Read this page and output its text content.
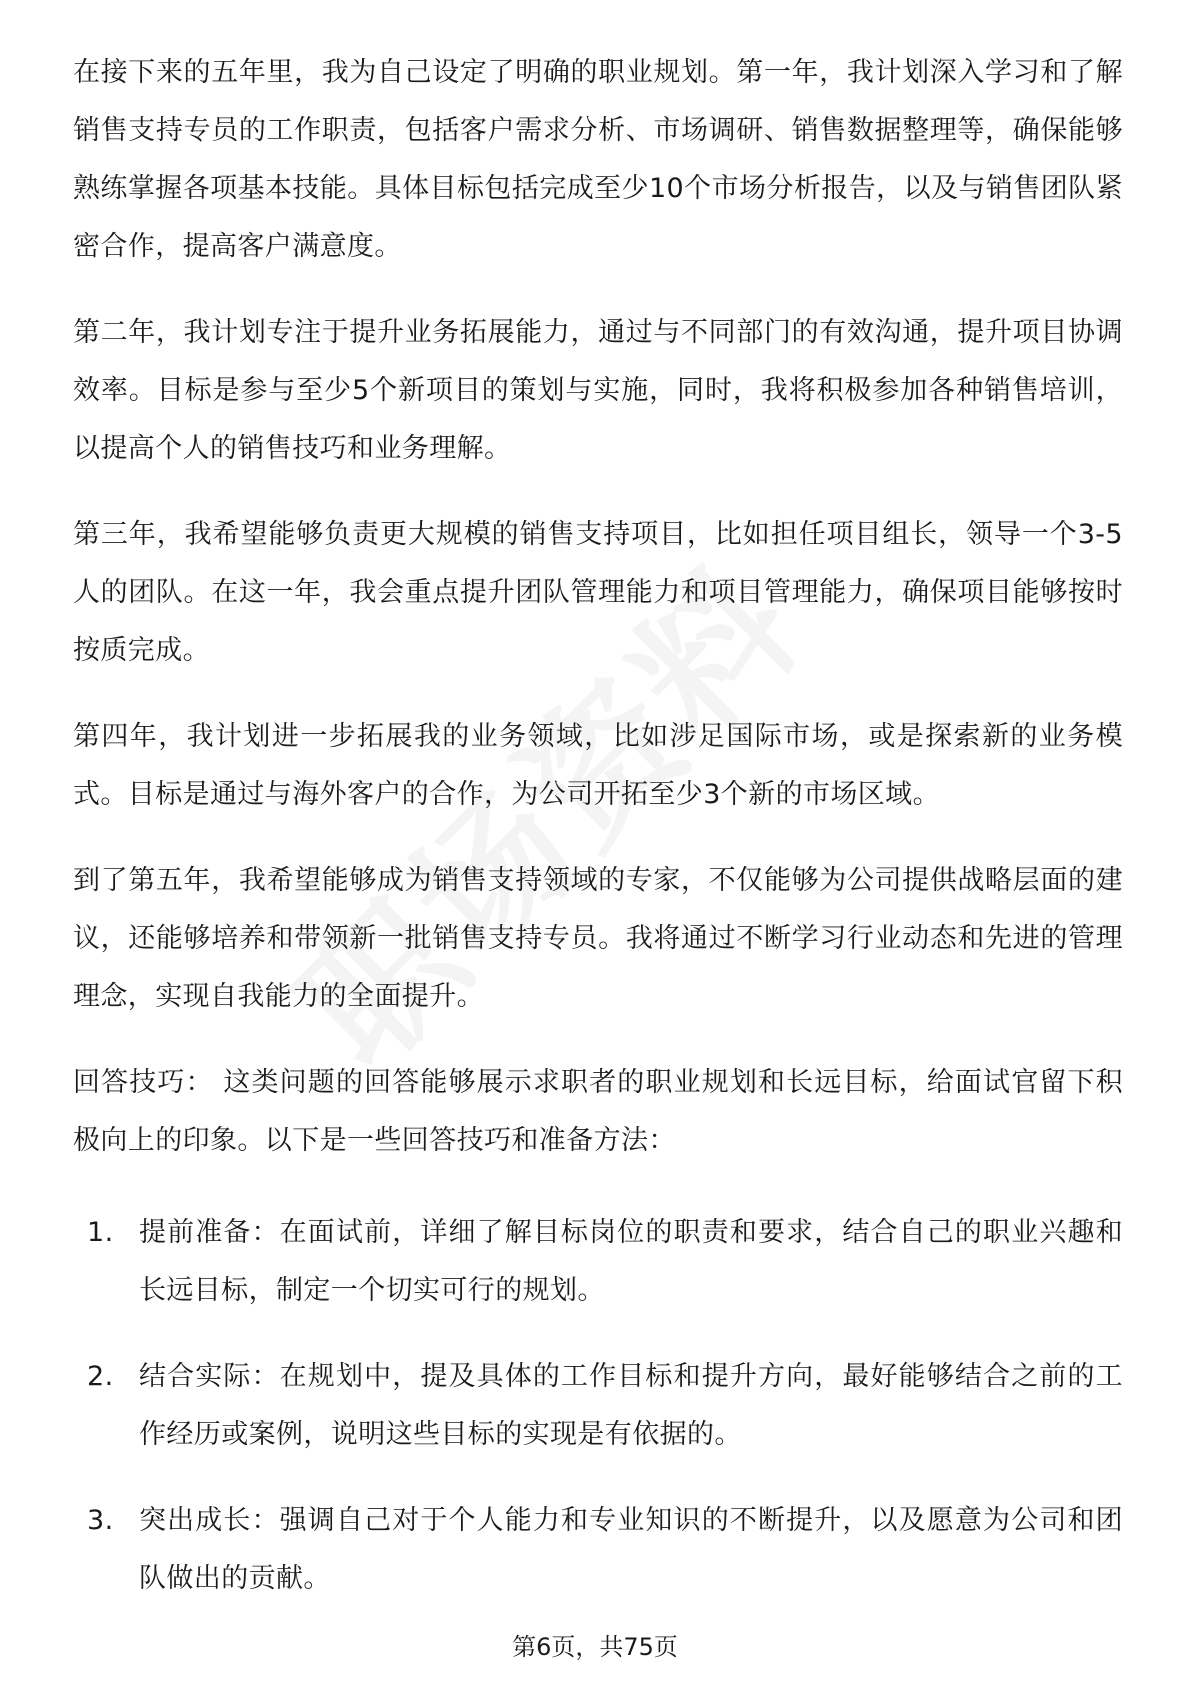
在接下来的五年里，我为自己设定了明确的职业规划。第一年，我计划深入学习和了解销售支持专员的工作职责，包括客户需求分析、市场调研、销售数据整理等，确保能够熟练掌握各项基本技能。具体目标包括完成至少10个市场分析报告，以及与销售团队紧密合作，提高客户满意度。

第二年，我计划专注于提升业务拓展能力，通过与不同部门的有效沟通，提升项目协调效率。目标是参与至少5个新项目的策划与实施，同时，我将积极参加各种销售培训，以提高个人的销售技巧和业务理解。

第三年，我希望能够负责更大规模的销售支持项目，比如担任项目组长，领导一个3-5人的团队。在这一年，我会重点提升团队管理能力和项目管理能力，确保项目能够按时按质完成。

第四年，我计划进一步拓展我的业务领域，比如涉足国际市场，或是探索新的业务模式。目标是通过与海外客户的合作，为公司开拓至少3个新的市场区域。

到了第五年，我希望能够成为销售支持领域的专家，不仅能够为公司提供战略层面的建议，还能够培养和带领新一批销售支持专员。我将通过不断学习行业动态和先进的管理理念，实现自我能力的全面提升。

回答技巧： 这类问题的回答能够展示求职者的职业规划和长远目标，给面试官留下积极向上的印象。以下是一些回答技巧和准备方法：

1. 提前准备：在面试前，详细了解目标岗位的职责和要求，结合自己的职业兴趣和长远目标，制定一个切实可行的规划。
2. 结合实际：在规划中，提及具体的工作目标和提升方向，最好能够结合之前的工作经历或案例，说明这些目标的实现是有依据的。
3. 突出成长：强调自己对于个人能力和专业知识的不断提升，以及愿意为公司和团队做出的贡献。
第6页，共75页
